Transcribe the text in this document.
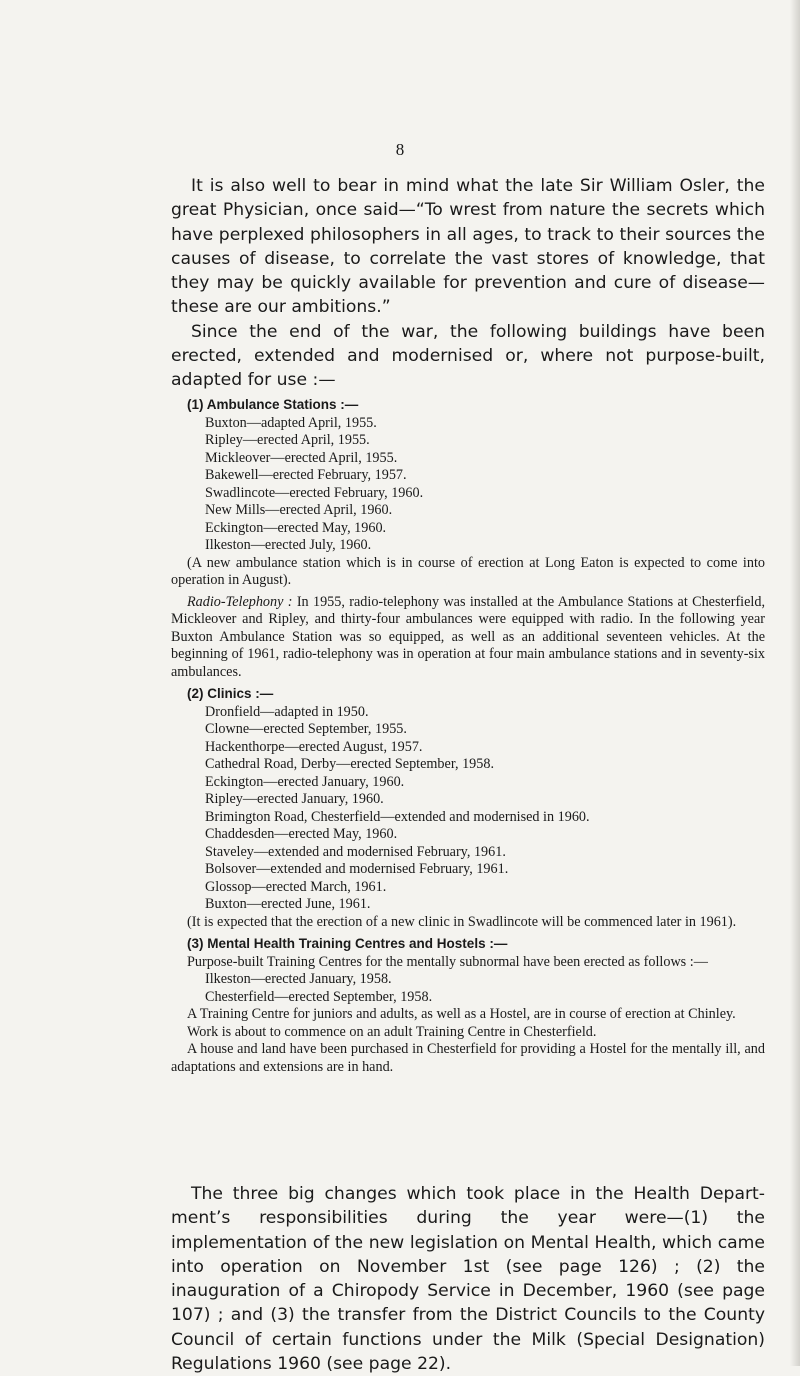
8

It is also well to bear in mind what the late Sir William Osler, the great Physician, once said—“To wrest from nature the secrets which have perplexed philosophers in all ages, to track to their sources the causes of disease, to correlate the vast stores of knowledge, that they may be quickly available for prevention and cure of disease—these are our ambitions.”

Since the end of the war, the following buildings have been erected, extended and modernised or, where not purpose-built, adapted for use :—

(1) Ambulance Stations :—

Buxton—adapted April, 1955.
Ripley—erected April, 1955.
Mickleover—erected April, 1955.
Bakewell—erected February, 1957.
Swadlincote—erected February, 1960.
New Mills—erected April, 1960.
Eckington—erected May, 1960.
Ilkeston—erected July, 1960.

(A new ambulance station which is in course of erection at Long Eaton is expected to come into operation in August).

Radio-Telephony : In 1955, radio-telephony was installed at the Ambulance Stations at Chesterfield, Mickleover and Ripley, and thirty-four ambulances were equipped with radio. In the following year Buxton Ambulance Station was so equipped, as well as an additional seventeen vehicles. At the beginning of 1961, radio-telephony was in operation at four main ambulance stations and in seventy-six ambulances.

(2) Clinics :—

Dronfield—adapted in 1950.
Clowne—erected September, 1955.
Hackenthorpe—erected August, 1957.
Cathedral Road, Derby—erected September, 1958.
Eckington—erected January, 1960.
Ripley—erected January, 1960.
Brimington Road, Chesterfield—extended and modernised in 1960.
Chaddesden—erected May, 1960.
Staveley—extended and modernised February, 1961.
Bolsover—extended and modernised February, 1961.
Glossop—erected March, 1961.
Buxton—erected June, 1961.

(It is expected that the erection of a new clinic in Swadlincote will be commenced later in 1961).

(3) Mental Health Training Centres and Hostels :—

Purpose-built Training Centres for the mentally subnormal have been erected as follows :—

Ilkeston—erected January, 1958.
Chesterfield—erected September, 1958.

A Training Centre for juniors and adults, as well as a Hostel, are in course of erection at Chinley.

Work is about to commence on an adult Training Centre in Chesterfield.

A house and land have been purchased in Chesterfield for providing a Hostel for the mentally ill, and adaptations and extensions are in hand.

The three big changes which took place in the Health Department’s responsibilities during the year were—(1) the implementation of the new legislation on Mental Health, which came into operation on November 1st (see page 126) ; (2) the inauguration of a Chiropody Service in December, 1960 (see page 107) ; and (3) the transfer from the District Councils to the County Council of certain functions under the Milk (Special Designation) Regulations 1960 (see page 22).
